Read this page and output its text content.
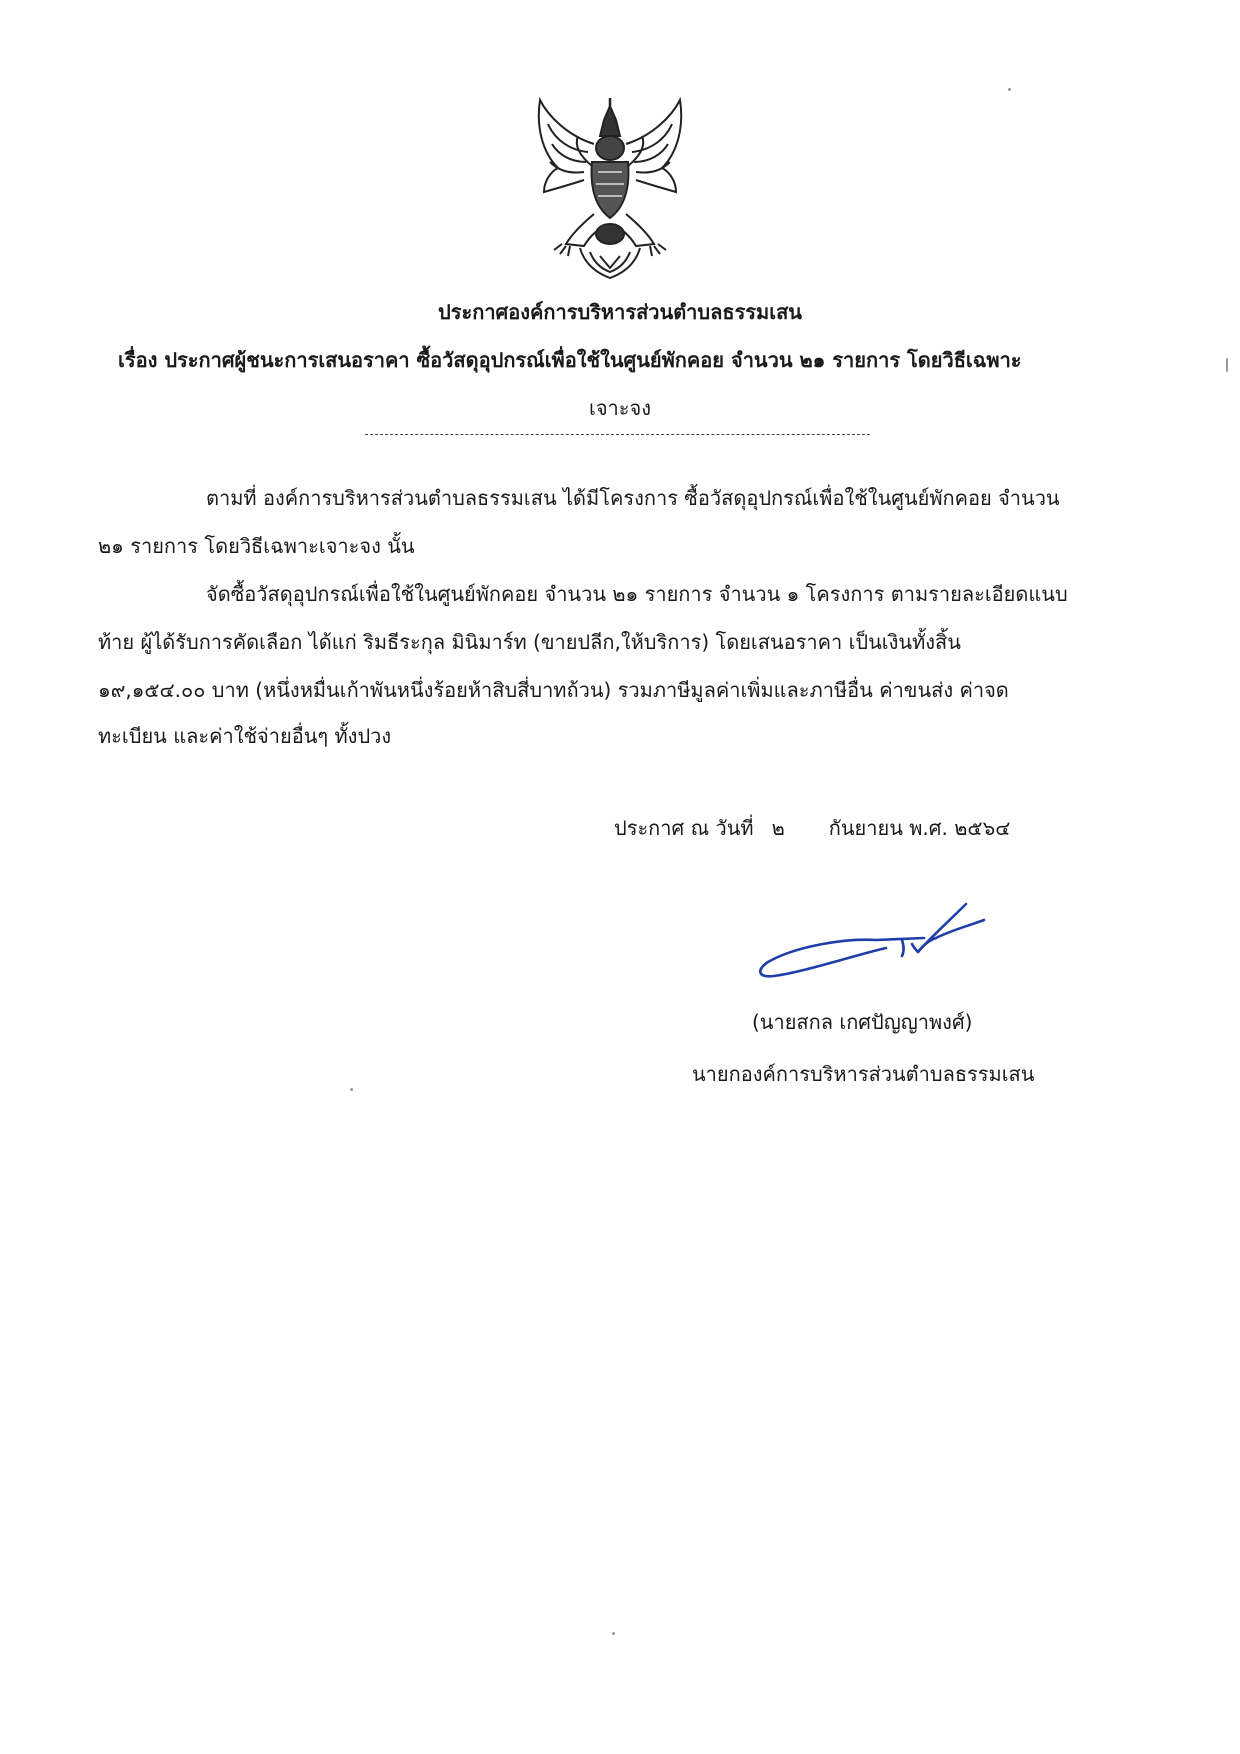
ประกาศองค์การบริหารส่วนตำบลธรรมเสน
เรื่อง ประกาศผู้ชนะการเสนอราคา ซื้อวัสดุอุปกรณ์เพื่อใช้ในศูนย์พักคอย จำนวน ๒๑ รายการ โดยวิธีเฉพาะ
เจาะจง
ตามที่ องค์การบริหารส่วนตำบลธรรมเสน ได้มีโครงการ ซื้อวัสดุอุปกรณ์เพื่อใช้ในศูนย์พักคอย จำนวน
๒๑ รายการ โดยวิธีเฉพาะเจาะจง นั้น
จัดซื้อวัสดุอุปกรณ์เพื่อใช้ในศูนย์พักคอย จำนวน ๒๑ รายการ จำนวน ๑ โครงการ ตามรายละเอียดแนบ
ท้าย ผู้ได้รับการคัดเลือก ได้แก่ ริมธีระกุล มินิมาร์ท (ขายปลีก,ให้บริการ) โดยเสนอราคา เป็นเงินทั้งสิ้น
๑๙,๑๕๔.๐๐ บาท (หนึ่งหมื่นเก้าพันหนึ่งร้อยห้าสิบสี่บาทถ้วน) รวมภาษีมูลค่าเพิ่มและภาษีอื่น ค่าขนส่ง ค่าจด
ทะเบียน และค่าใช้จ่ายอื่นๆ ทั้งปวง
ประกาศ ณ วันที่ ๒ กันยายน พ.ศ. ๒๕๖๔
(นายสกล เกศปัญญาพงศ์)
นายกองค์การบริหารส่วนตำบลธรรมเสน
